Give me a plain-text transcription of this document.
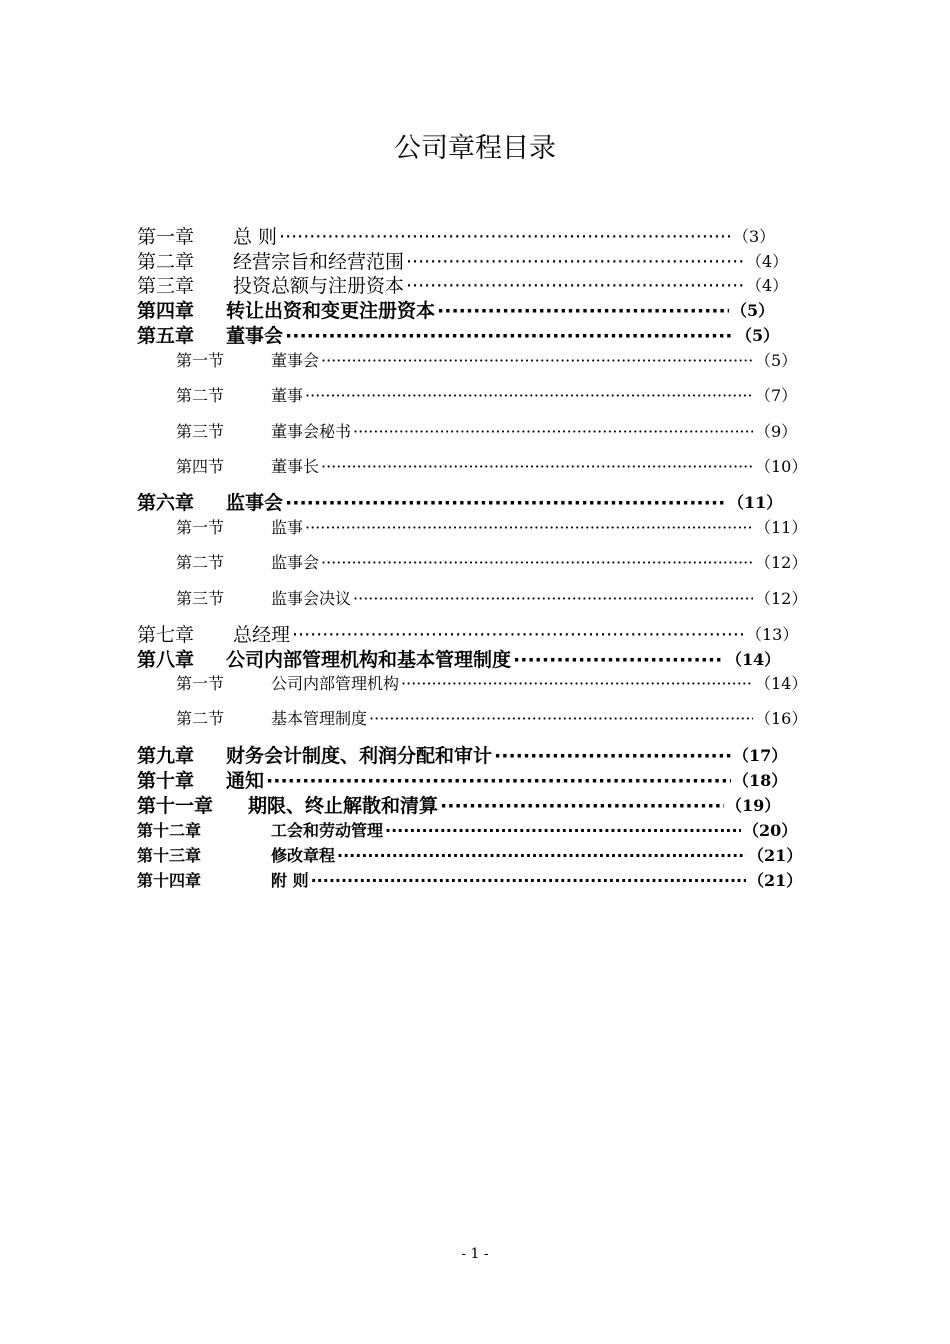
公司章程目录
第一章 总 则 ·····	（3）
第二章 经营宗旨和经营范围 ·····	（4）
第三章 投资总额与注册资本 ·····	（4）
第四章 转让出资和变更注册资本 ·····	（5）
第五章 董事会 ·····	（5）
第一节	董事会 ·····	（5）
第二节	董事 ·····	（7）
第三节	董事会秘书 ·····	（9）
第四节	董事长 ·····	（10）
第六章 监事会 ·····	（11）
第一节	监事 ·····	（11）
第二节	监事会 ·····	（12）
第三节	监事会决议 ·····	（12）
第七章 总经理 ·····	（13）
第八章 公司内部管理机构和基本管理制度 ·····	（14）
第一节	公司内部管理机构 ·····	（14）
第二节	基本管理制度 ·····	（16）
第九章 财务会计制度、利润分配和审计 ·····	（17）
第十章 通知 ·····	（18）
第十一章 期限、终止解散和清算 ·····	（19）
第十二章	工会和劳动管理 ·····	（20）
第十三章	修改章程 ·····	（21）
第十四章	附 则 ·····	（21）
- 1 -
